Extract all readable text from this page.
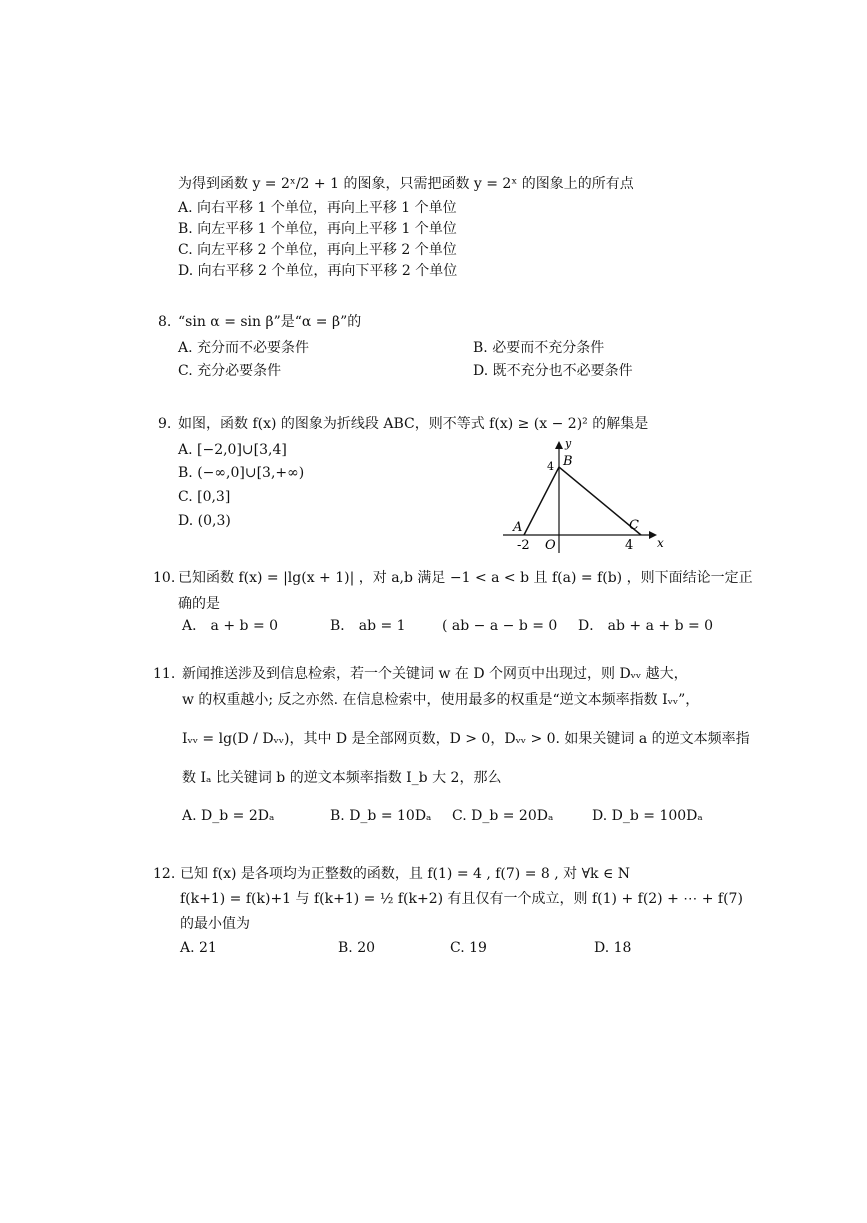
为得到函数 y = 2ˣ/2 + 1 的图象，只需把函数 y = 2ˣ 的图象上的所有点
A. 向右平移 1 个单位，再向上平移 1 个单位
B. 向左平移 1 个单位，再向上平移 1 个单位
C. 向左平移 2 个单位，再向上平移 2 个单位
D. 向右平移 2 个单位，再向下平移 2 个单位
8. “sin α = sin β”是“α = β”的
A. 充分而不必要条件	B. 必要而不充分条件
C. 充分必要条件	D. 既不充分也不必要条件
9. 如图，函数 f(x) 的图象为折线段 ABC，则不等式 f(x) ≥ (x − 2)² 的解集是
A. [−2,0]∪[3,4]
B. (−∞,0]∪[3,+∞)
C. [0,3]
D. (0,3)	A
B
C
O	x
y
-2	4
4
10. 已知函数 f(x) = |lg(x + 1)| ，对 a,b 满足 −1 < a < b 且 f(a) = f(b) ，则下面结论一定正
确的是
A． a + b = 0	B． ab = 1	( ab − a − b = 0 D． ab + a + b = 0
11. 新闻推送涉及到信息检索，若一个关键词 w 在 D 个网页中出现过，则 Dᵥᵥ 越大，
w 的权重越小; 反之亦然. 在信息检索中，使用最多的权重是“逆文本频率指数 Iᵥᵥ”，
Iᵥᵥ = lg(D / Dᵥᵥ)，其中 D 是全部网页数，D > 0，Dᵥᵥ > 0. 如果关键词 a 的逆文本频率指
数 Iₐ 比关键词 b 的逆文本频率指数 I_b 大 2，那么
A. D_b = 2Dₐ	B. D_b = 10Dₐ C. D_b = 20Dₐ	D. D_b = 100Dₐ
12. 已知 f(x) 是各项均为正整数的函数，且 f(1) = 4 , f(7) = 8 , 对 ∀k ∈ N
f(k+1) = f(k)+1 与 f(k+1) = ½ f(k+2) 有且仅有一个成立，则 f(1) + f(2) + ⋯ + f(7)
的最小值为
A. 21	B. 20	C. 19	D. 18
